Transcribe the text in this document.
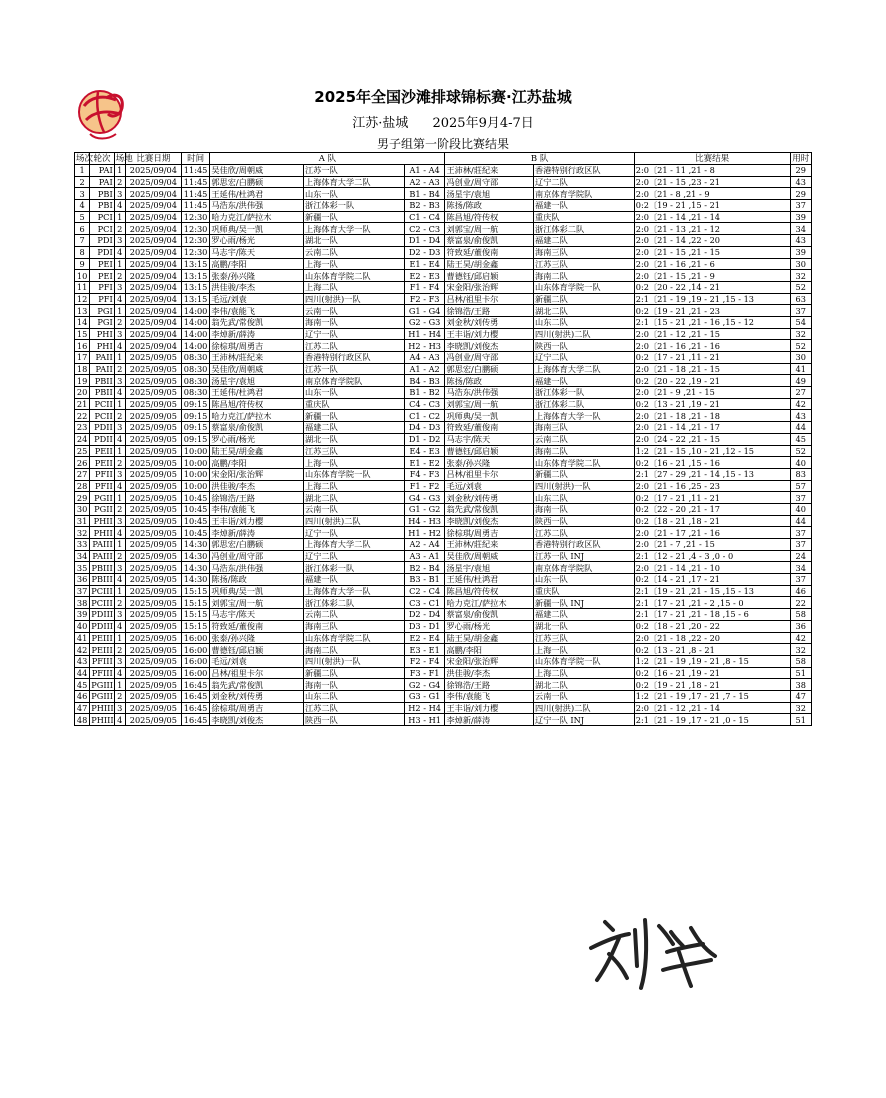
2025年全国沙滩排球锦标赛·江苏盐城
江苏·盐城 2025年9月4-7日
男子组第一阶段比赛结果
场次	轮次	场地	比赛日期	时间	A 队			B 队		比赛结果	用时
1	PAI	1	2025/09/04	11:45	吴佳欣/周朝威	江苏一队	A1 - A4	王沛林/莊紀来	香港特别行政区队	2:0〔21 - 11 ,21 - 8	29
2	PAI	2	2025/09/04	11:45	郭思宏/白鹏硕	上海体育大学二队	A2 - A3	冯创业/周守邵	辽宁二队	2:0〔21 - 15 ,23 - 21	43
3	PBI	3	2025/09/04	11:45	王延伟/杜鸿君	山东一队	B1 - B4	汤星宇/袁旭	南京体育学院队	2:0〔21 - 8 ,21 - 9	29
4	PBI	4	2025/09/04	11:45	马浩东/洪伟强	浙江体彩一队	B2 - B3	陈扬/陈政	福建一队	0:2〔19 - 21 ,15 - 21	37
5	PCI	1	2025/09/04	12:30	哈力克江/萨拉木	新疆一队	C1 - C4	陈昌旭/符传权	重庆队	2:0〔21 - 14 ,21 - 14	39
6	PCI	2	2025/09/04	12:30	巩师典/吴一凯	上海体育大学一队	C2 - C3	刘郭宝/周一航	浙江体彩二队	2:0〔21 - 13 ,21 - 12	34
7	PDI	3	2025/09/04	12:30	罗心雨/杨光	湖北一队	D1 - D4	蔡富泉/俞俊凯	福建二队	2:0〔21 - 14 ,22 - 20	43
8	PDI	4	2025/09/04	12:30	马志宇/陈天	云南二队	D2 - D3	符致延/董俊南	海南三队	2:0〔21 - 15 ,21 - 15	39
9	PEI	1	2025/09/04	13:15	高鹏/李阳	上海一队	E1 - E4	陆王昊/胡金鑫	江苏三队	2:0〔21 - 16 ,21 - 6	30
10	PEI	2	2025/09/04	13:15	张泰/孙兴隆	山东体育学院二队	E2 - E3	曹德钰/邱启颖	海南二队	2:0〔21 - 15 ,21 - 9	32
11	PFI	3	2025/09/04	13:15	洪佳骏/李杰	上海二队	F1 - F4	宋金阳/张治辉	山东体育学院一队	0:2〔20 - 22 ,14 - 21	52
12	PFI	4	2025/09/04	13:15	毛远/刘袁	四川(射洪)一队	F2 - F3	吕林/祖里卡尔	新疆二队	2:1〔21 - 19 ,19 - 21 ,15 - 13	63
13	PGI	1	2025/09/04	14:00	李伟/袁能飞	云南一队	G1 - G4	徐锦浩/王路	湖北二队	0:2〔19 - 21 ,21 - 23	37
14	PGI	2	2025/09/04	14:00	翁先武/常俊凯	海南一队	G2 - G3	刘金秋/刘传勇	山东二队	2:1〔15 - 21 ,21 - 16 ,15 - 12	54
15	PHI	3	2025/09/04	14:00	李焯新/薛涛	辽宁一队	H1 - H4	王丰诣/刘力樱	四川(射洪)二队	2:0〔21 - 12 ,21 - 15	32
16	PHI	4	2025/09/04	14:00	徐棕琪/周勇吉	江苏二队	H2 - H3	李晓凯/刘俊杰	陕西一队	2:0〔21 - 16 ,21 - 16	52
17	PAII	1	2025/09/05	08:30	王沛林/莊紀来	香港特别行政区队	A4 - A3	冯创业/周守邵	辽宁二队	0:2〔17 - 21 ,11 - 21	30
18	PAII	2	2025/09/05	08:30	吴佳欣/周朝威	江苏一队	A1 - A2	郭思宏/白鹏硕	上海体育大学二队	2:0〔21 - 18 ,21 - 15	41
19	PBII	3	2025/09/05	08:30	汤星宇/袁旭	南京体育学院队	B4 - B3	陈扬/陈政	福建一队	0:2〔20 - 22 ,19 - 21	49
20	PBII	4	2025/09/05	08:30	王延伟/杜鸿君	山东一队	B1 - B2	马浩东/洪伟强	浙江体彩一队	2:0〔21 - 9 ,21 - 15	27
21	PCII	1	2025/09/05	09:15	陈昌旭/符传权	重庆队	C4 - C3	刘郭宝/周一航	浙江体彩二队	0:2〔13 - 21 ,19 - 21	42
22	PCII	2	2025/09/05	09:15	哈力克江/萨拉木	新疆一队	C1 - C2	巩师典/吴一凯	上海体育大学一队	2:0〔21 - 18 ,21 - 18	43
23	PDII	3	2025/09/05	09:15	蔡富泉/俞俊凯	福建二队	D4 - D3	符致延/董俊南	海南三队	2:0〔21 - 14 ,21 - 17	44
24	PDII	4	2025/09/05	09:15	罗心雨/杨光	湖北一队	D1 - D2	马志宇/陈天	云南二队	2:0〔24 - 22 ,21 - 15	45
25	PEII	1	2025/09/05	10:00	陆王昊/胡金鑫	江苏三队	E4 - E3	曹德钰/邱启颖	海南二队	1:2〔21 - 15 ,10 - 21 ,12 - 15	52
26	PEII	2	2025/09/05	10:00	高鹏/李阳	上海一队	E1 - E2	张泰/孙兴隆	山东体育学院二队	0:2〔16 - 21 ,15 - 16	40
27	PFII	3	2025/09/05	10:00	宋金阳/张治辉	山东体育学院一队	F4 - F3	吕林/祖里卡尔	新疆二队	2:1〔27 - 29 ,21 - 14 ,15 - 13	83
28	PFII	4	2025/09/05	10:00	洪佳骏/李杰	上海二队	F1 - F2	毛远/刘袁	四川(射洪)一队	2:0〔21 - 16 ,25 - 23	57
29	PGII	1	2025/09/05	10:45	徐锦浩/王路	湖北二队	G4 - G3	刘金秋/刘传勇	山东二队	0:2〔17 - 21 ,11 - 21	37
30	PGII	2	2025/09/05	10:45	李伟/袁能飞	云南一队	G1 - G2	翁先武/常俊凯	海南一队	0:2〔22 - 20 ,21 - 17	40
31	PHII	3	2025/09/05	10:45	王丰诣/刘力樱	四川(射洪)二队	H4 - H3	李晓凯/刘俊杰	陕西一队	0:2〔18 - 21 ,18 - 21	44
32	PHII	4	2025/09/05	10:45	李焯新/薛涛	辽宁一队	H1 - H2	徐棕琪/周勇吉	江苏二队	2:0〔21 - 17 ,21 - 16	37
33	PAIII	1	2025/09/05	14:30	郭思宏/白鹏硕	上海体育大学二队	A2 - A4	王沛林/莊紀来	香港特别行政区队	2:0〔21 - 7 ,21 - 15	37
34	PAIII	2	2025/09/05	14:30	冯创业/周守邵	辽宁二队	A3 - A1	吴佳欣/周朝威	江苏一队 INJ	2:1〔12 - 21 ,4 - 3 ,0 - 0	24
35	PBIII	3	2025/09/05	14:30	马浩东/洪伟强	浙江体彩一队	B2 - B4	汤星宇/袁旭	南京体育学院队	2:0〔21 - 14 ,21 - 10	34
36	PBIII	4	2025/09/05	14:30	陈扬/陈政	福建一队	B3 - B1	王延伟/杜鸿君	山东一队	0:2〔14 - 21 ,17 - 21	37
37	PCIII	1	2025/09/05	15:15	巩师典/吴一凯	上海体育大学一队	C2 - C4	陈昌旭/符传权	重庆队	2:1〔19 - 21 ,21 - 15 ,15 - 13	46
38	PCIII	2	2025/09/05	15:15	刘郭宝/周一航	浙江体彩二队	C3 - C1	哈力克江/萨拉木	新疆一队 INJ	2:1〔17 - 21 ,21 - 2 ,15 - 0	22
39	PDIII	3	2025/09/05	15:15	马志宇/陈天	云南二队	D2 - D4	蔡富泉/俞俊凯	福建二队	2:1〔17 - 21 ,21 - 18 ,15 - 6	58
40	PDIII	4	2025/09/05	15:15	符致延/董俊南	海南三队	D3 - D1	罗心雨/杨光	湖北一队	0:2〔18 - 21 ,20 - 22	36
41	PEIII	1	2025/09/05	16:00	张泰/孙兴隆	山东体育学院二队	E2 - E4	陆王昊/胡金鑫	江苏三队	2:0〔21 - 18 ,22 - 20	42
42	PEIII	2	2025/09/05	16:00	曹德钰/邱启颖	海南二队	E3 - E1	高鹏/李阳	上海一队	0:2〔13 - 21 ,8 - 21	32
43	PFIII	3	2025/09/05	16:00	毛远/刘袁	四川(射洪)一队	F2 - F4	宋金阳/张治辉	山东体育学院一队	1:2〔21 - 19 ,19 - 21 ,8 - 15	58
44	PFIII	4	2025/09/05	16:00	吕林/祖里卡尔	新疆二队	F3 - F1	洪佳骏/李杰	上海二队	0:2〔16 - 21 ,19 - 21	51
45	PGIII	1	2025/09/05	16:45	翁先武/常俊凯	海南一队	G2 - G4	徐锦浩/王路	湖北二队	0:2〔19 - 21 ,18 - 21	38
46	PGIII	2	2025/09/05	16:45	刘金秋/刘传勇	山东二队	G3 - G1	李伟/袁能飞	云南一队	1:2〔21 - 19 ,17 - 21 ,7 - 15	47
47	PHIII	3	2025/09/05	16:45	徐棕琪/周勇吉	江苏二队	H2 - H4	王丰诣/刘力樱	四川(射洪)二队	2:0〔21 - 12 ,21 - 14	32
48	PHIII	4	2025/09/05	16:45	李晓凯/刘俊杰	陕西一队	H3 - H1	李焯新/薛涛	辽宁一队 INJ	2:1〔21 - 19 ,17 - 21 ,0 - 15	51
